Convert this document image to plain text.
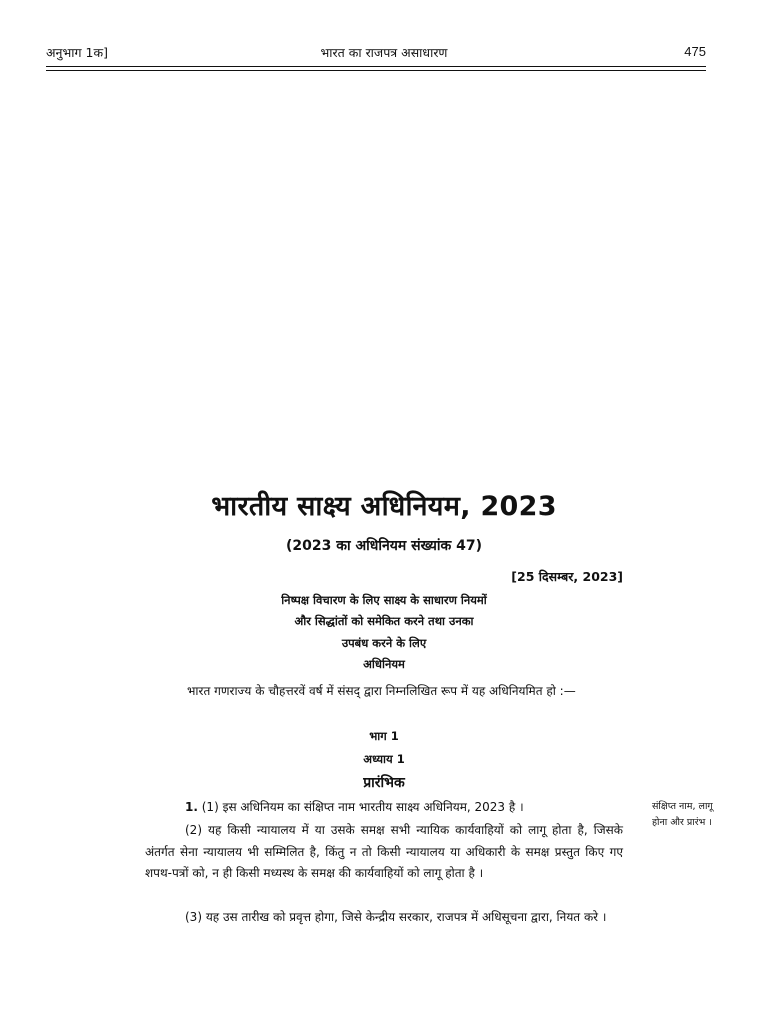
अनुभाग 1क]	भारत का राजपत्र असाधारण	475
भारतीय साक्ष्य अधिनियम, 2023
(2023 का अधिनियम संख्यांक 47)
[25 दिसम्बर, 2023]
निष्पक्ष विचारण के लिए साक्ष्य के साधारण नियमों
और सिद्धांतों को समेकित करने तथा उनका
उपबंध करने के लिए
अधिनियम
भारत गणराज्य के चौहत्तरवें वर्ष में संसद् द्वारा निम्नलिखित रूप में यह अधिनियमित हो :—
भाग 1
अध्याय 1
प्रारंभिक
1. (1) इस अधिनियम का संक्षिप्त नाम भारतीय साक्ष्य अधिनियम, 2023 है ।
(2) यह किसी न्यायालय में या उसके समक्ष सभी न्यायिक कार्यवाहियों को लागू होता है, जिसके अंतर्गत सेना न्यायालय भी सम्मिलित है, किंतु न तो किसी न्यायालय या अधिकारी के समक्ष प्रस्तुत किए गए शपथ-पत्रों को, न ही किसी मध्यस्थ के समक्ष की कार्यवाहियों को लागू होता है ।
(3) यह उस तारीख को प्रवृत्त होगा, जिसे केन्द्रीय सरकार, राजपत्र में अधिसूचना द्वारा, नियत करे ।
संक्षिप्त नाम, लागू होना और प्रारंभ ।
